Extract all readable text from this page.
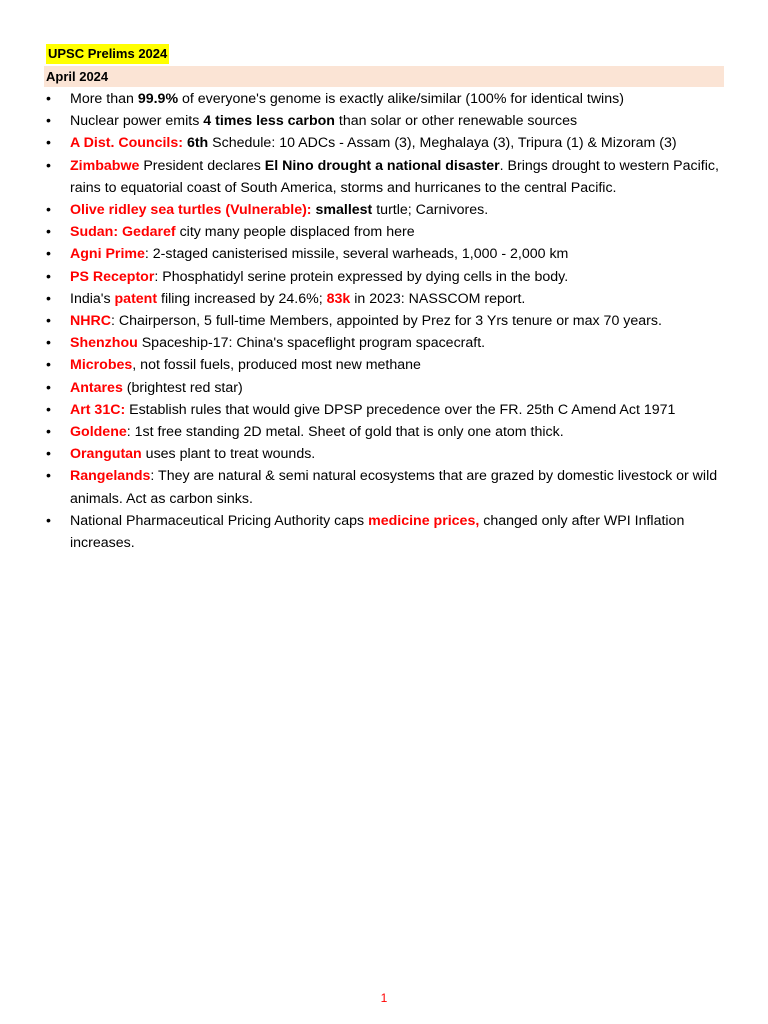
UPSC Prelims 2024
April 2024
• More than 99.9% of everyone's genome is exactly alike/similar (100% for identical twins)
• Nuclear power emits 4 times less carbon than solar or other renewable sources
• A Dist. Councils: 6th Schedule: 10 ADCs - Assam (3), Meghalaya (3), Tripura (1) & Mizoram (3)
• Zimbabwe President declares El Nino drought a national disaster. Brings drought to western Pacific, rains to equatorial coast of South America, storms and hurricanes to the central Pacific.
• Olive ridley sea turtles (Vulnerable): smallest turtle; Carnivores.
• Sudan: Gedaref city many people displaced from here
• Agni Prime: 2-staged canisterised missile, several warheads, 1,000 - 2,000 km
• PS Receptor: Phosphatidyl serine protein expressed by dying cells in the body.
• India's patent filing increased by 24.6%; 83k in 2023: NASSCOM report.
• NHRC: Chairperson, 5 full-time Members, appointed by Prez for 3 Yrs tenure or max 70 years.
• Shenzhou Spaceship-17: China's spaceflight program spacecraft.
• Microbes, not fossil fuels, produced most new methane
• Antares (brightest red star)
• Art 31C: Establish rules that would give DPSP precedence over the FR. 25th C Amend Act 1971
• Goldene: 1st free standing 2D metal. Sheet of gold that is only one atom thick.
• Orangutan uses plant to treat wounds.
• Rangelands: They are natural & semi natural ecosystems that are grazed by domestic livestock or wild animals. Act as carbon sinks.
• National Pharmaceutical Pricing Authority caps medicine prices, changed only after WPI Inflation increases.
1
